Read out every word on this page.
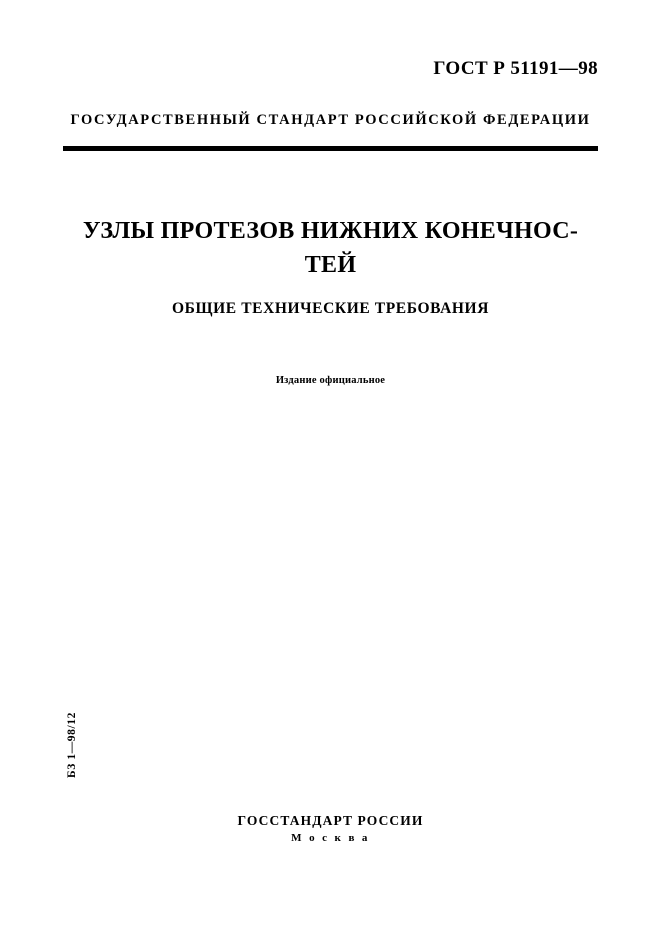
ГОСТ Р 51191—98
ГОСУДАРСТВЕННЫЙ СТАНДАРТ РОССИЙСКОЙ ФЕДЕРАЦИИ
УЗЛЫ ПРОТЕЗОВ НИЖНИХ КОНЕЧНОС-ТЕЙ
ОБЩИЕ ТЕХНИЧЕСКИЕ ТРЕБОВАНИЯ
Издание официальное
ГОССТАНДАРТ РОССИИ
М о с к в а
БЗ 1—98/12
